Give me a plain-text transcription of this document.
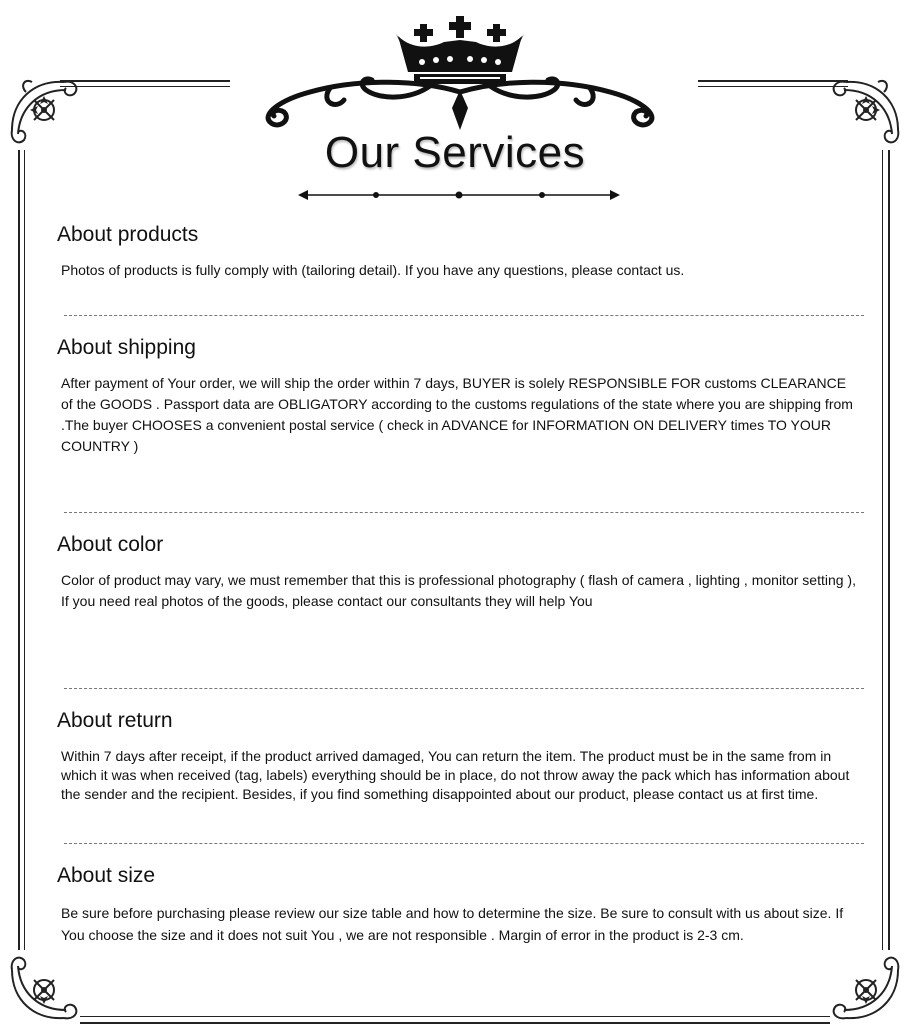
Our Services
About products
Photos of products is fully comply with (tailoring detail). If you have any questions, please contact us.
About shipping
After payment of Your order, we will ship the order within 7 days, BUYER is solely RESPONSIBLE FOR customs CLEARANCE of the GOODS . Passport data are OBLIGATORY according to the customs regulations of the state where you are shipping from .The buyer CHOOSES a convenient postal service ( check in ADVANCE for INFORMATION ON DELIVERY times TO YOUR COUNTRY )
About color
Color of product may vary, we must remember that this is professional photography ( flash of camera , lighting , monitor setting ), If you need real photos of the goods, please contact our consultants they will help You
About return
Within 7 days after receipt, if the product arrived damaged, You can return the item. The product must be in the same from in which it was when received (tag, labels) everything should be in place, do not throw away the pack which has information about the sender and the recipient. Besides, if you find something disappointed about our product, please contact us at first time.
About size
Be sure before purchasing please review our size table and how to determine the size. Be sure to consult with us about size. If You choose the size and it does not suit You , we are not responsible . Margin of error in the product is 2-3 cm.
